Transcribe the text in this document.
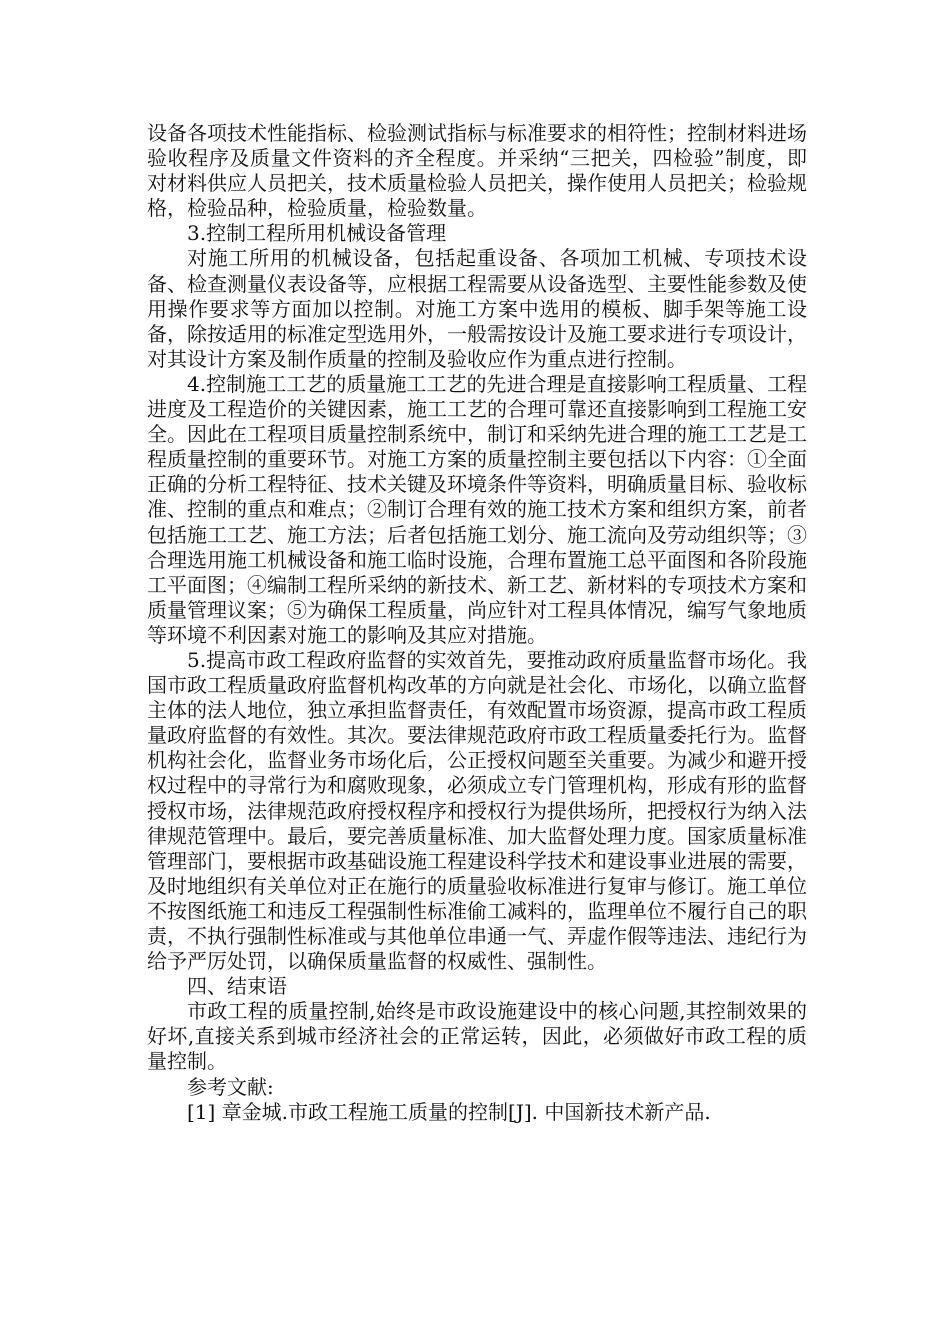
设备各项技术性能指标、检验测试指标与标准要求的相符性；控制材料进场验收程序及质量文件资料的齐全程度。并采纳“三把关，四检验”制度，即对材料供应人员把关，技术质量检验人员把关，操作使用人员把关；检验规格，检验品种，检验质量，检验数量。

3.控制工程所用机械设备管理

对施工所用的机械设备，包括起重设备、各项加工机械、专项技术设备、检查测量仪表设备等，应根据工程需要从设备选型、主要性能参数及使用操作要求等方面加以控制。对施工方案中选用的模板、脚手架等施工设备，除按适用的标准定型选用外，一般需按设计及施工要求进行专项设计，对其设计方案及制作质量的控制及验收应作为重点进行控制。

4.控制施工工艺的质量施工工艺的先进合理是直接影响工程质量、工程进度及工程造价的关键因素，施工工艺的合理可靠还直接影响到工程施工安全。因此在工程项目质量控制系统中，制订和采纳先进合理的施工工艺是工程质量控制的重要环节。对施工方案的质量控制主要包括以下内容：①全面正确的分析工程特征、技术关键及环境条件等资料，明确质量目标、验收标准、控制的重点和难点；②制订合理有效的施工技术方案和组织方案，前者包括施工工艺、施工方法；后者包括施工划分、施工流向及劳动组织等；③合理选用施工机械设备和施工临时设施，合理布置施工总平面图和各阶段施工平面图；④编制工程所采纳的新技术、新工艺、新材料的专项技术方案和质量管理议案；⑤为确保工程质量，尚应针对工程具体情况，编写气象地质等环境不利因素对施工的影响及其应对措施。

5.提高市政工程政府监督的实效首先，要推动政府质量监督市场化。我国市政工程质量政府监督机构改革的方向就是社会化、市场化，以确立监督主体的法人地位，独立承担监督责任，有效配置市场资源，提高市政工程质量政府监督的有效性。其次。要法律规范政府市政工程质量委托行为。监督机构社会化，监督业务市场化后，公正授权问题至关重要。为减少和避开授权过程中的寻常行为和腐败现象，必须成立专门管理机构，形成有形的监督授权市场，法律规范政府授权程序和授权行为提供场所，把授权行为纳入法律规范管理中。最后，要完善质量标准、加大监督处理力度。国家质量标准管理部门，要根据市政基础设施工程建设科学技术和建设事业进展的需要，及时地组织有关单位对正在施行的质量验收标准进行复审与修订。施工单位不按图纸施工和违反工程强制性标准偷工减料的，监理单位不履行自己的职责，不执行强制性标准或与其他单位串通一气、弄虚作假等违法、违纪行为给予严厉处罚，以确保质量监督的权威性、强制性。

四、结束语

市政工程的质量控制,始终是市政设施建设中的核心问题,其控制效果的好坏,直接关系到城市经济社会的正常运转，因此，必须做好市政工程的质量控制。

参考文献:

[1] 章金城.市政工程施工质量的控制[J]. 中国新技术新产品.
